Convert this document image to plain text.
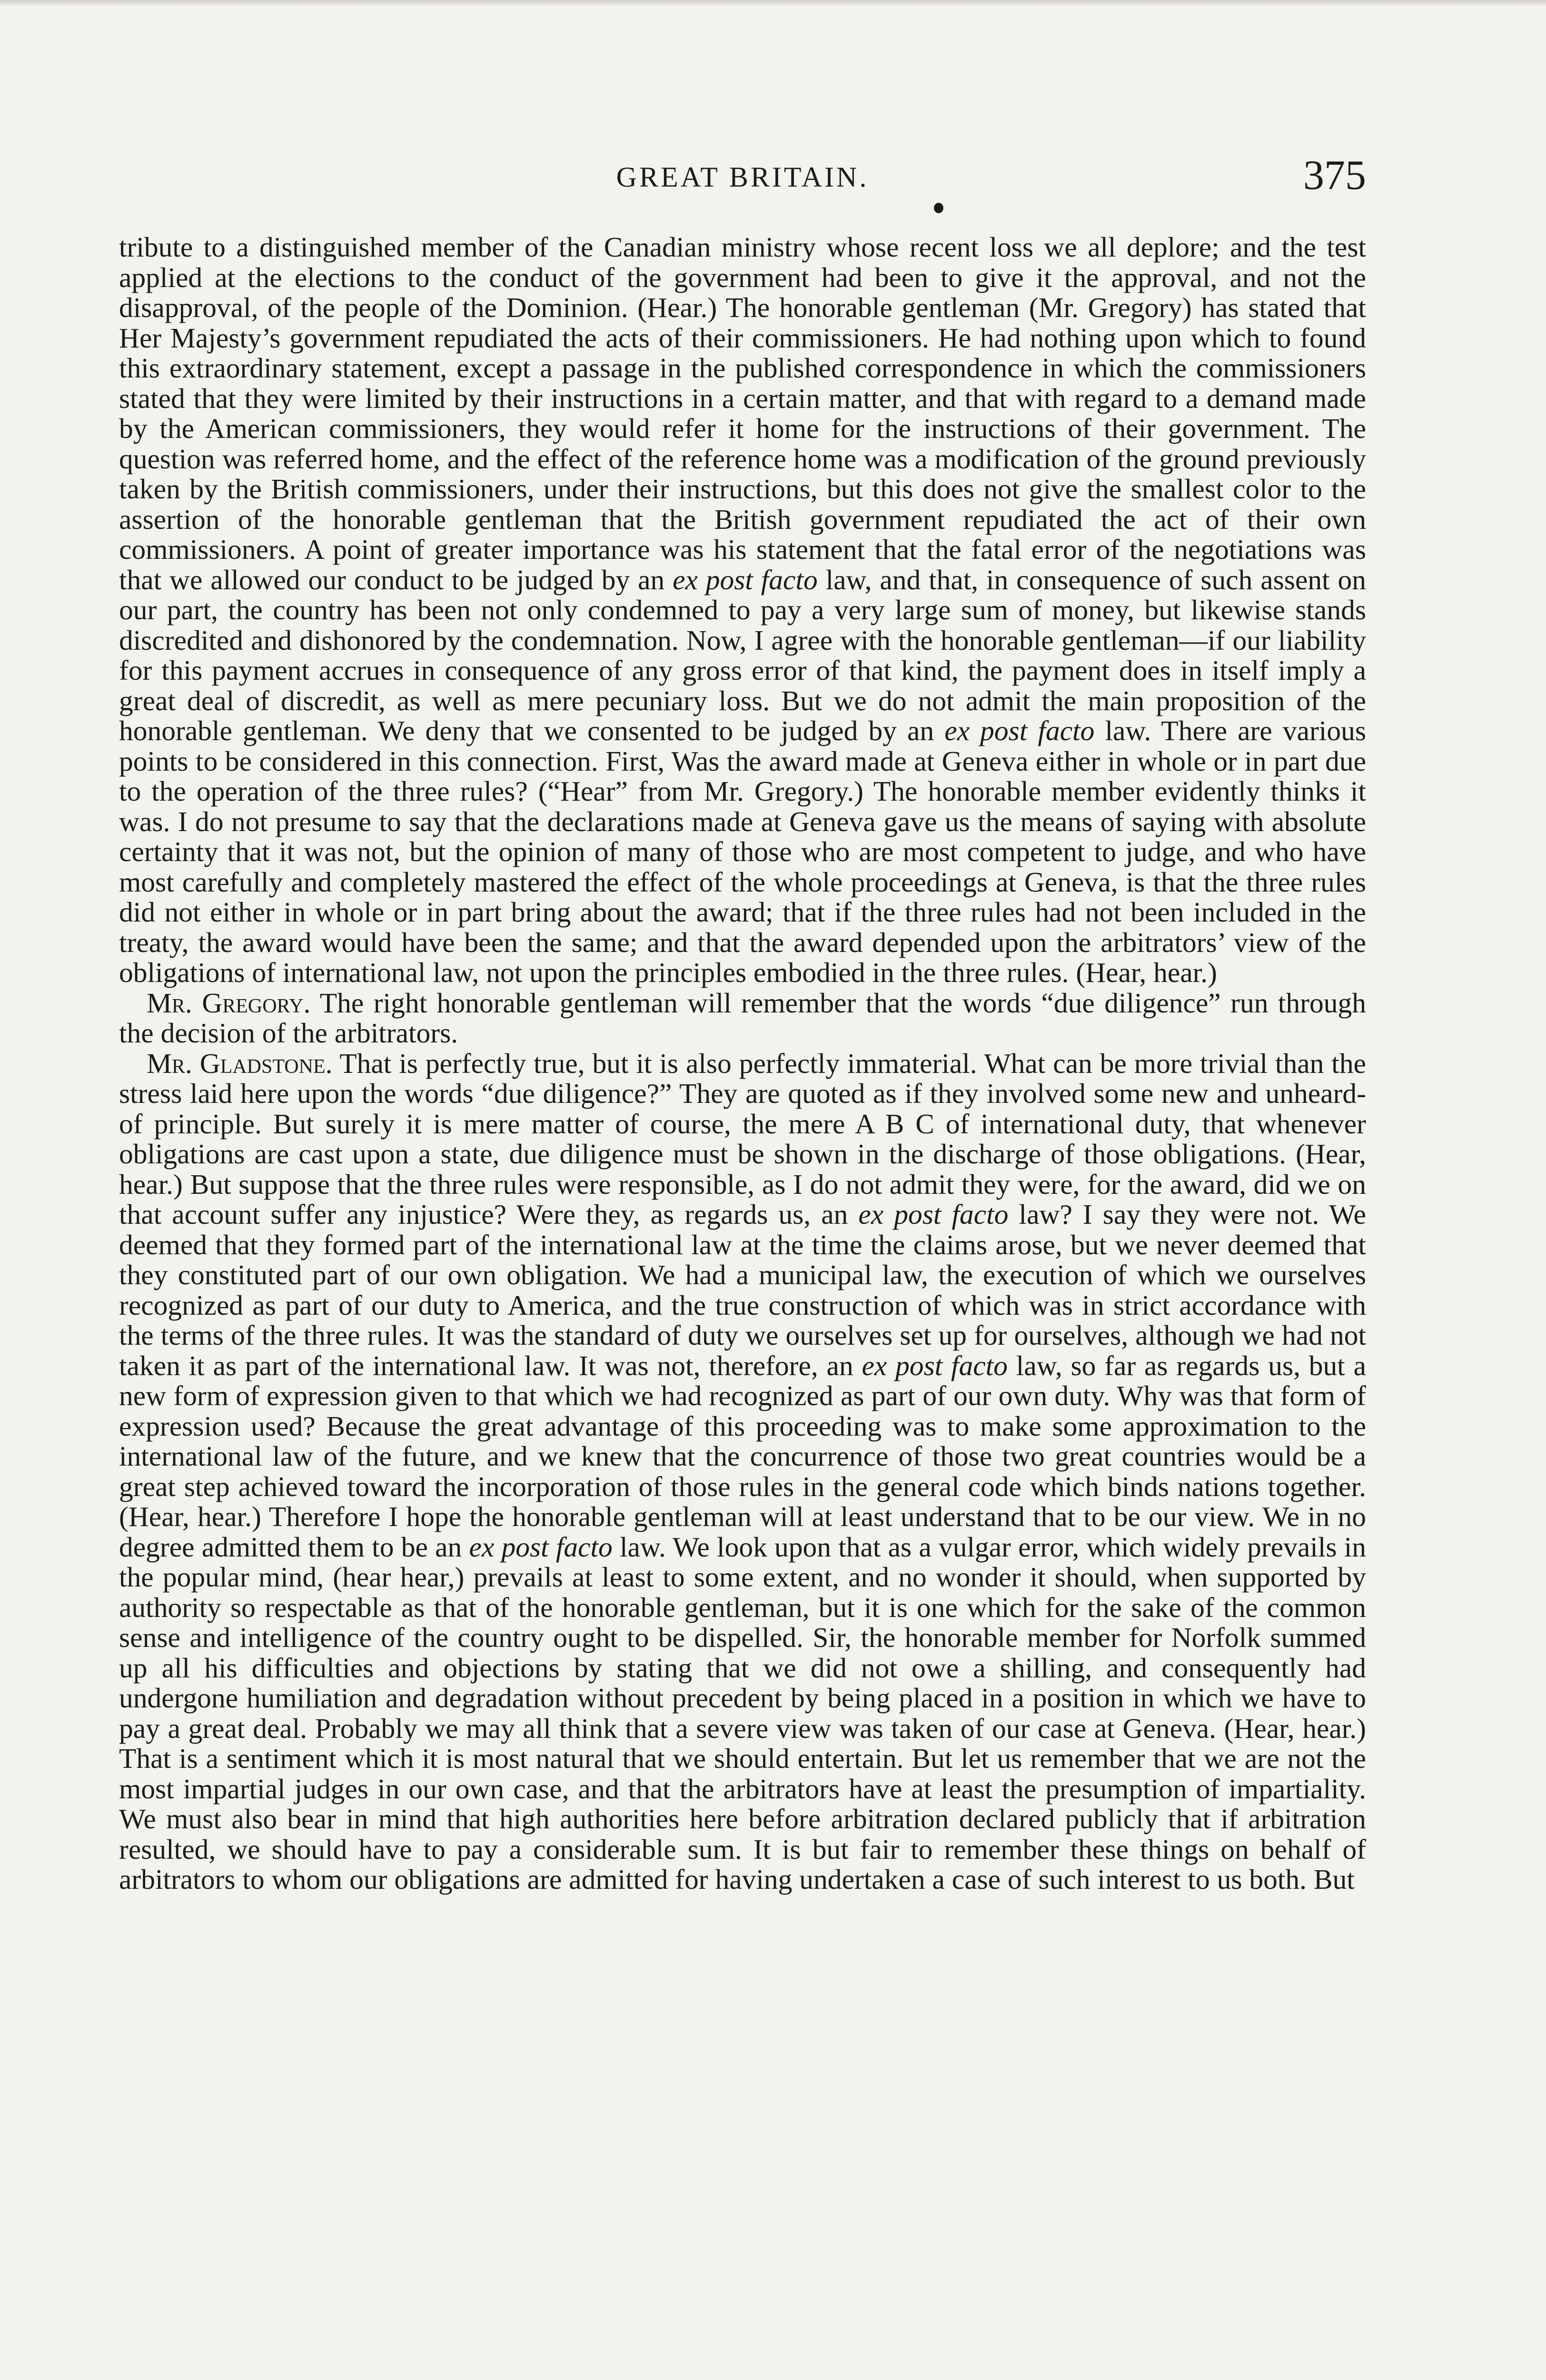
GREAT BRITAIN.	375

tribute to a distinguished member of the Canadian ministry whose recent loss we all deplore; and the test applied at the elections to the conduct of the government had been to give it the approval, and not the disapproval, of the people of the Dominion. (Hear.) The honorable gentleman (Mr. Gregory) has stated that Her Majesty’s government repudiated the acts of their commissioners. He had nothing upon which to found this extraordinary statement, except a passage in the published correspondence in which the commissioners stated that they were limited by their instructions in a certain matter, and that with regard to a demand made by the American commissioners, they would refer it home for the instructions of their government. The question was referred home, and the effect of the reference home was a modification of the ground previously taken by the British commissioners, under their instructions, but this does not give the smallest color to the assertion of the honorable gentleman that the British government repudiated the act of their own commissioners. A point of greater importance was his statement that the fatal error of the negotiations was that we allowed our conduct to be judged by an ex post facto law, and that, in consequence of such assent on our part, the country has been not only condemned to pay a very large sum of money, but likewise stands discredited and dishonored by the condemnation. Now, I agree with the honorable gentleman—if our liability for this payment accrues in consequence of any gross error of that kind, the payment does in itself imply a great deal of discredit, as well as mere pecuniary loss. But we do not admit the main proposition of the honorable gentleman. We deny that we consented to be judged by an ex post facto law. There are various points to be considered in this connection. First, Was the award made at Geneva either in whole or in part due to the operation of the three rules? (“Hear” from Mr. Gregory.) The honorable member evidently thinks it was. I do not presume to say that the declarations made at Geneva gave us the means of saying with absolute certainty that it was not, but the opinion of many of those who are most competent to judge, and who have most carefully and completely mastered the effect of the whole proceedings at Geneva, is that the three rules did not either in whole or in part bring about the award; that if the three rules had not been included in the treaty, the award would have been the same; and that the award depended upon the arbitrators’ view of the obligations of international law, not upon the principles embodied in the three rules. (Hear, hear.)

Mr. Gregory. The right honorable gentleman will remember that the words “due diligence” run through the decision of the arbitrators.

Mr. Gladstone. That is perfectly true, but it is also perfectly immaterial. What can be more trivial than the stress laid here upon the words “due diligence?” They are quoted as if they involved some new and unheard-of principle. But surely it is mere matter of course, the mere A B C of international duty, that whenever obligations are cast upon a state, due diligence must be shown in the discharge of those obligations. (Hear, hear.) But suppose that the three rules were responsible, as I do not admit they were, for the award, did we on that account suffer any injustice? Were they, as regards us, an ex post facto law? I say they were not. We deemed that they formed part of the international law at the time the claims arose, but we never deemed that they constituted part of our own obligation. We had a municipal law, the execution of which we ourselves recognized as part of our duty to America, and the true construction of which was in strict accordance with the terms of the three rules. It was the standard of duty we ourselves set up for ourselves, although we had not taken it as part of the international law. It was not, therefore, an ex post facto law, so far as regards us, but a new form of expression given to that which we had recognized as part of our own duty. Why was that form of expression used? Because the great advantage of this proceeding was to make some approximation to the international law of the future, and we knew that the concurrence of those two great countries would be a great step achieved toward the incorporation of those rules in the general code which binds nations together. (Hear, hear.) Therefore I hope the honorable gentleman will at least understand that to be our view. We in no degree admitted them to be an ex post facto law. We look upon that as a vulgar error, which widely prevails in the popular mind, (hear hear,) prevails at least to some extent, and no wonder it should, when supported by authority so respectable as that of the honorable gentleman, but it is one which for the sake of the common sense and intelligence of the country ought to be dispelled. Sir, the honorable member for Norfolk summed up all his difficulties and objections by stating that we did not owe a shilling, and consequently had undergone humiliation and degradation without precedent by being placed in a position in which we have to pay a great deal. Probably we may all think that a severe view was taken of our case at Geneva. (Hear, hear.) That is a sentiment which it is most natural that we should entertain. But let us remember that we are not the most impartial judges in our own case, and that the arbitrators have at least the presumption of impartiality. We must also bear in mind that high authorities here before arbitration declared publicly that if arbitration resulted, we should have to pay a considerable sum. It is but fair to remember these things on behalf of arbitrators to whom our obligations are admitted for having undertaken a case of such interest to us both. But
